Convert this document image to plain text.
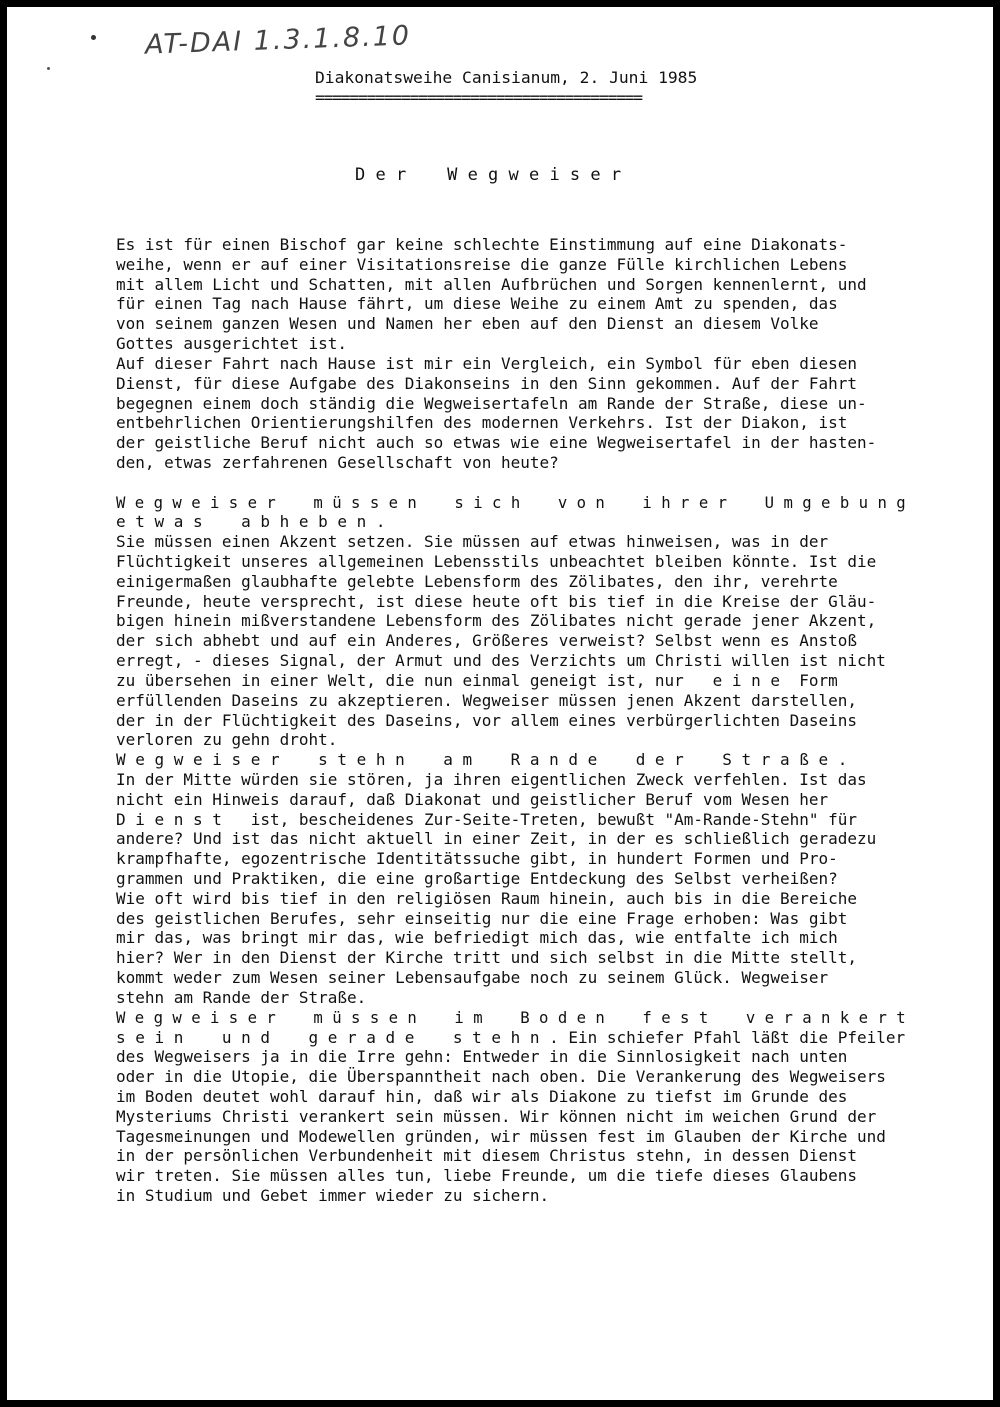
AT-DAI 1.3.1.8.10
Diakonatsweihe Canisianum, 2. Juni 1985
======================================
D e r    W e g w e i s e r
Es ist für einen Bischof gar keine schlechte Einstimmung auf eine Diakonats-
weihe, wenn er auf einer Visitationsreise die ganze Fülle kirchlichen Lebens
mit allem Licht und Schatten, mit allen Aufbrüchen und Sorgen kennenlernt, und
für einen Tag nach Hause fährt, um diese Weihe zu einem Amt zu spenden, das
von seinem ganzen Wesen und Namen her eben auf den Dienst an diesem Volke
Gottes ausgerichtet ist.
Auf dieser Fahrt nach Hause ist mir ein Vergleich, ein Symbol für eben diesen
Dienst, für diese Aufgabe des Diakonseins in den Sinn gekommen. Auf der Fahrt
begegnen einem doch ständig die Wegweisertafeln am Rande der Straße, diese un-
entbehrlichen Orientierungshilfen des modernen Verkehrs. Ist der Diakon, ist
der geistliche Beruf nicht auch so etwas wie eine Wegweisertafel in der hasten-
den, etwas zerfahrenen Gesellschaft von heute?
W e g w e i s e r    m ü s s e n    s i c h    v o n    i h r e r    U m g e b u n g
e t w a s    a b h e b e n .
Sie müssen einen Akzent setzen. Sie müssen auf etwas hinweisen, was in der
Flüchtigkeit unseres allgemeinen Lebensstils unbeachtet bleiben könnte. Ist die
einigermaßen glaubhafte gelebte Lebensform des Zölibates, den ihr, verehrte
Freunde, heute versprecht, ist diese heute oft bis tief in die Kreise der Gläu-
bigen hinein mißverstandene Lebensform des Zölibates nicht gerade jener Akzent,
der sich abhebt und auf ein Anderes, Größeres verweist? Selbst wenn es Anstoß
erregt, - dieses Signal, der Armut und des Verzichts um Christi willen ist nicht
zu übersehen in einer Welt, die nun einmal geneigt ist, nur   e i n e  Form
erfüllenden Daseins zu akzeptieren. Wegweiser müssen jenen Akzent darstellen,
der in der Flüchtigkeit des Daseins, vor allem eines verbürgerlichten Daseins
verloren zu gehn droht.
W e g w e i s e r    s t e h n    a m    R a n d e    d e r    S t r a ß e .
In der Mitte würden sie stören, ja ihren eigentlichen Zweck verfehlen. Ist das
nicht ein Hinweis darauf, daß Diakonat und geistlicher Beruf vom Wesen her
D i e n s t   ist, bescheidenes Zur-Seite-Treten, bewußt "Am-Rande-Stehn" für
andere? Und ist das nicht aktuell in einer Zeit, in der es schließlich geradezu
krampfhafte, egozentrische Identitätssuche gibt, in hundert Formen und Pro-
grammen und Praktiken, die eine großartige Entdeckung des Selbst verheißen?
Wie oft wird bis tief in den religiösen Raum hinein, auch bis in die Bereiche
des geistlichen Berufes, sehr einseitig nur die eine Frage erhoben: Was gibt
mir das, was bringt mir das, wie befriedigt mich das, wie entfalte ich mich
hier? Wer in den Dienst der Kirche tritt und sich selbst in die Mitte stellt,
kommt weder zum Wesen seiner Lebensaufgabe noch zu seinem Glück. Wegweiser
stehn am Rande der Straße.
W e g w e i s e r    m ü s s e n    i m    B o d e n    f e s t    v e r a n k e r t
s e i n    u n d    g e r a d e    s t e h n . Ein schiefer Pfahl läßt die Pfeiler
des Wegweisers ja in die Irre gehn: Entweder in die Sinnlosigkeit nach unten
oder in die Utopie, die Überspanntheit nach oben. Die Verankerung des Wegweisers
im Boden deutet wohl darauf hin, daß wir als Diakone zu tiefst im Grunde des
Mysteriums Christi verankert sein müssen. Wir können nicht im weichen Grund der
Tagesmeinungen und Modewellen gründen, wir müssen fest im Glauben der Kirche und
in der persönlichen Verbundenheit mit diesem Christus stehn, in dessen Dienst
wir treten. Sie müssen alles tun, liebe Freunde, um die tiefe dieses Glaubens
in Studium und Gebet immer wieder zu sichern.
